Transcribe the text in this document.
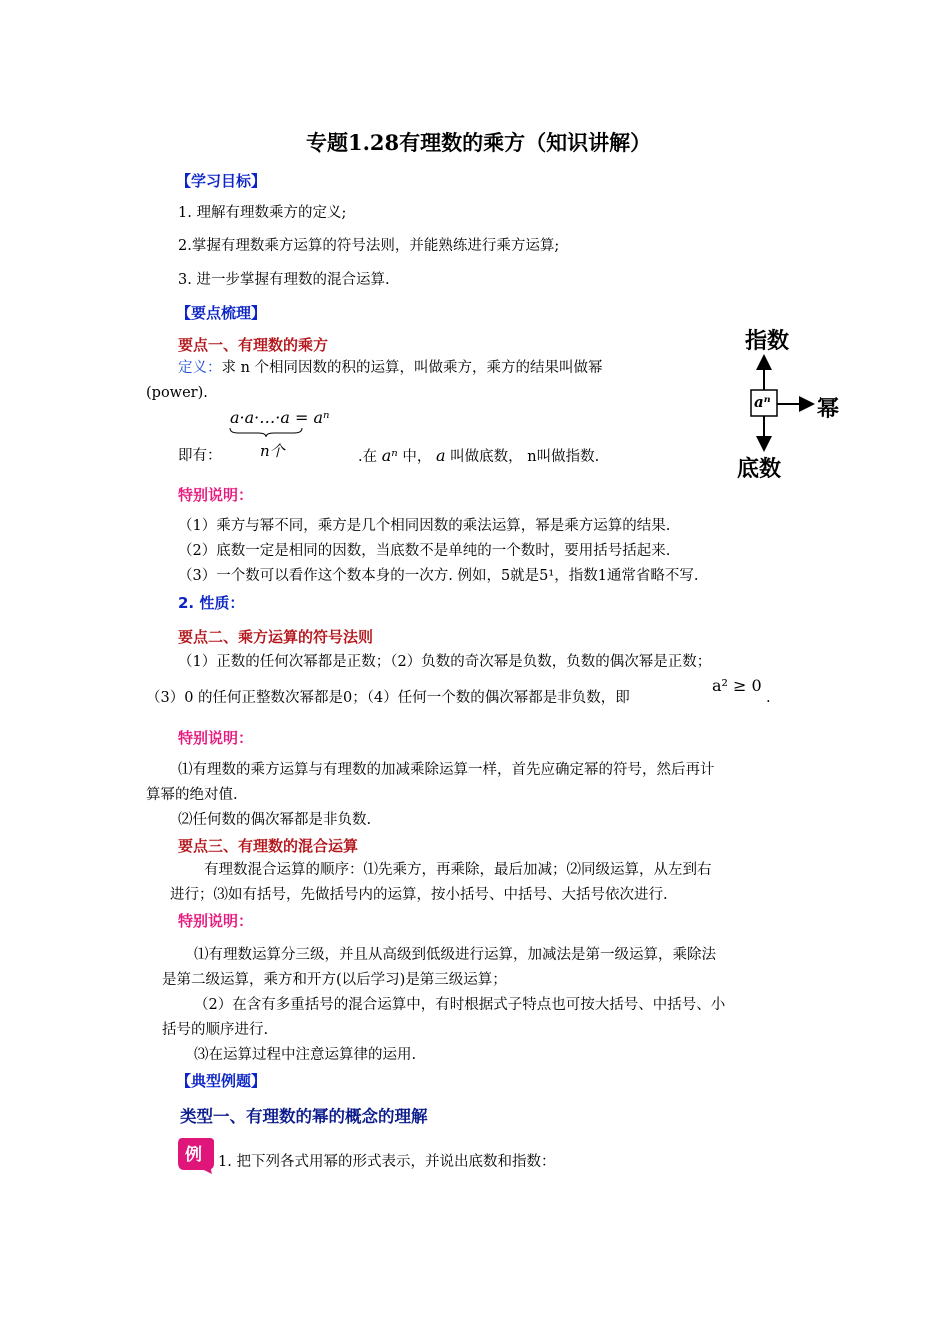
专题1.28有理数的乘方（知识讲解）
【学习目标】
1. 理解有理数乘方的定义;
2.掌握有理数乘方运算的符号法则，并能熟练进行乘方运算;
3. 进一步掌握有理数的混合运算.
【要点梳理】
要点一、有理数的乘方
定义：求 n 个相同因数的积的运算，叫做乘方，乘方的结果叫做幂
(power).
a·a·…·a = aⁿ
即有：	n个	.在 aⁿ 中， a 叫做底数， n叫做指数.
指数
aⁿ 幂
底数
特别说明：
（1）乘方与幂不同，乘方是几个相同因数的乘法运算，幂是乘方运算的结果.
（2）底数一定是相同的因数，当底数不是单纯的一个数时，要用括号括起来.
（3）一个数可以看作这个数本身的一次方. 例如，5就是5¹，指数1通常省略不写.
2. 性质：
要点二、乘方运算的符号法则
（1）正数的任何次幂都是正数；（2）负数的奇次幂是负数，负数的偶次幂是正数；
（3）0 的任何正整数次幂都是0；（4）任何一个数的偶次幂都是非负数，即
a² ≥ 0
.
特别说明：
⑴有理数的乘方运算与有理数的加减乘除运算一样，首先应确定幂的符号，然后再计
算幂的绝对值.
⑵任何数的偶次幂都是非负数.
要点三、有理数的混合运算
有理数混合运算的顺序：⑴先乘方，再乘除，最后加减；⑵同级运算，从左到右
进行；⑶如有括号，先做括号内的运算，按小括号、中括号、大括号依次进行.
特别说明：
⑴有理数运算分三级，并且从高级到低级进行运算，加减法是第一级运算，乘除法
是第二级运算，乘方和开方(以后学习)是第三级运算；
（2）在含有多重括号的混合运算中，有时根据式子特点也可按大括号、中括号、小
括号的顺序进行.
⑶在运算过程中注意运算律的运用.
【典型例题】
类型一、有理数的幂的概念的理解
例 1. 把下列各式用幂的形式表示，并说出底数和指数：
